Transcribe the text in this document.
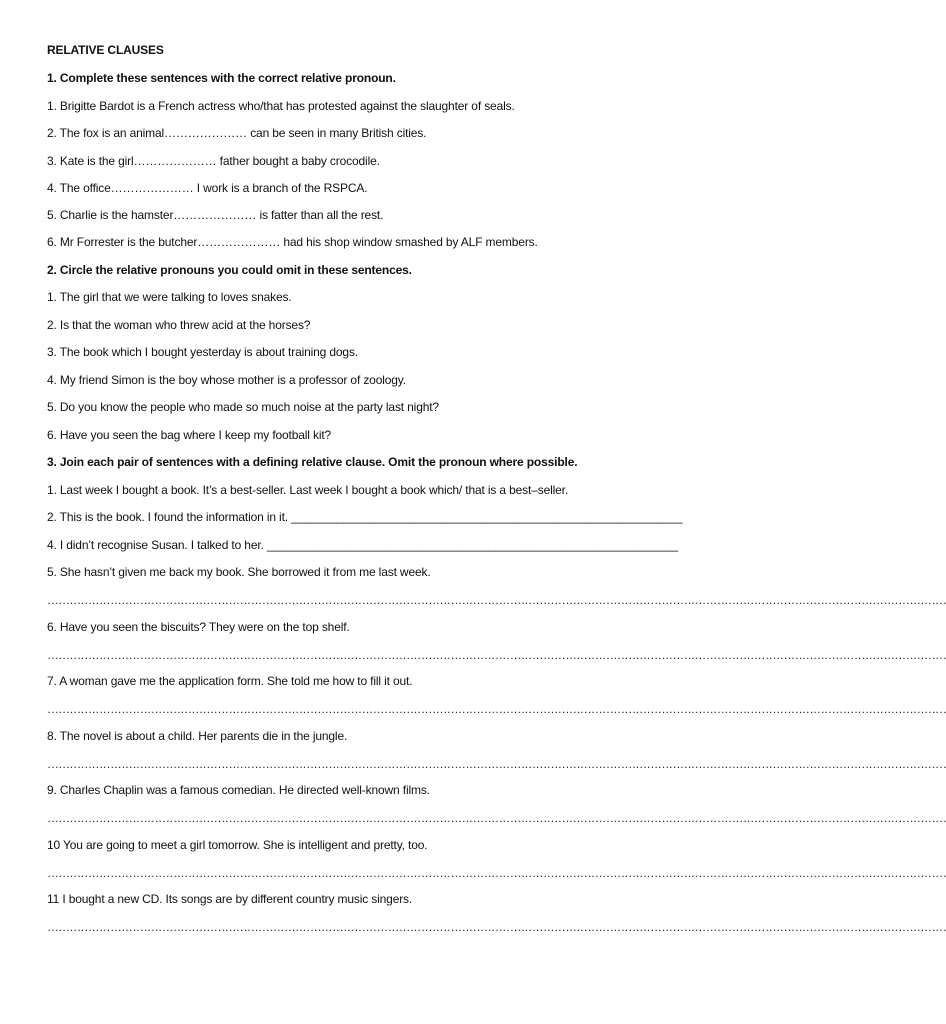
RELATIVE CLAUSES
1. Complete these sentences with the correct relative pronoun.
1. Brigitte Bardot is a French actress who/that has protested against the slaughter of seals.
2. The fox is an animal………………… can be seen in many British cities.
3. Kate is the girl………………… father bought a baby crocodile.
4. The office………………… I work is a branch of the RSPCA.
5. Charlie is the hamster………………… is fatter than all the rest.
6. Mr Forrester is the butcher………………… had his shop window smashed by ALF members.
2. Circle the relative pronouns you could omit in these sentences.
1. The girl that we were talking to loves snakes.
2. Is that the woman who threw acid at the horses?
3. The book which I bought yesterday is about training dogs.
4. My friend Simon is the boy whose mother is a professor of zoology.
5. Do you know the people who made so much noise at the party last night?
6. Have you seen the bag where I keep my football kit?
3. Join each pair of sentences with a defining relative clause. Omit the pronoun where possible.
1. Last week I bought a book. It’s a best-seller. Last week I bought a book which/ that is a best–seller.
2. This is the book. I found the information in it. ____________________________________________________________
4. I didn’t recognise Susan. I talked to her. _______________________________________________________________
5. She hasn’t given me back my book. She borrowed it from me last week.
………………………………………………………………………………………………………………………………………………………………………………………………………………………
6. Have you seen the biscuits? They were on the top shelf.
………………………………………………………………………………………………………………………………………………………………………………………………………………………
7. A woman gave me the application form. She told me how to fill it out.
………………………………………………………………………………………………………………………………………………………………………………………………………………………
8. The novel is about a child. Her parents die in the jungle.
………………………………………………………………………………………………………………………………………………………………………………………………………………………
9. Charles Chaplin was a famous comedian. He directed well-known films.
………………………………………………………………………………………………………………………………………………………………………………………………………………………
10 You are going to meet a girl tomorrow. She is intelligent and pretty, too.
………………………………………………………………………………………………………………………………………………………………………………………………………………………
11 I bought a new CD. Its songs are by different country music singers.
………………………………………………………………………………………………………………………………………………………………………………………………………………………
